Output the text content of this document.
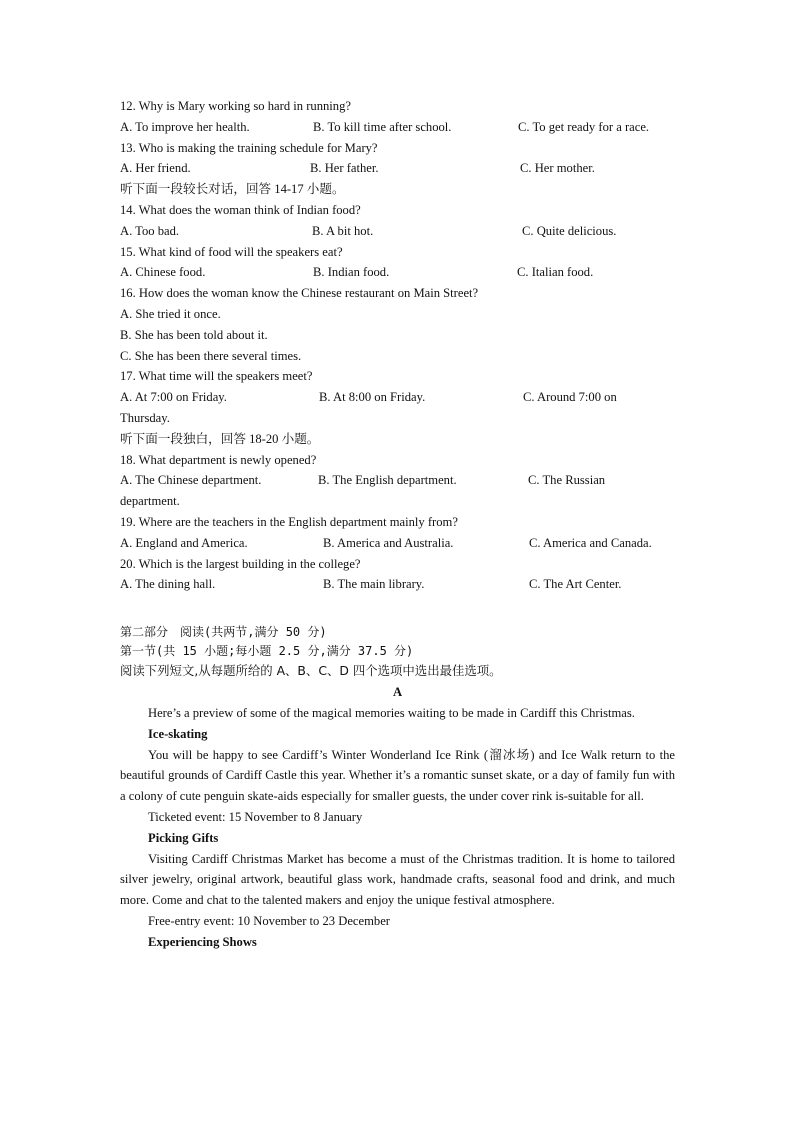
12. Why is Mary working so hard in running?
A. To improve her health.	B. To kill time after school.	C. To get ready for a race.
13. Who is making the training schedule for Mary?
A. Her friend.	B. Her father.	C. Her mother.
听下面一段较长对话，回答 14-17 小题。
14. What does the woman think of Indian food?
A. Too bad.	B. A bit hot.	C. Quite delicious.
15. What kind of food will the speakers eat?
A. Chinese food.	B. Indian food.	C. Italian food.
16. How does the woman know the Chinese restaurant on Main Street?
A. She tried it once.
B. She has been told about it.
C. She has been there several times.
17. What time will the speakers meet?
A. At 7:00 on Friday.	B. At 8:00 on Friday.	C. Around 7:00 on
Thursday.
听下面一段独白，回答 18-20 小题。
18. What department is newly opened?
A. The Chinese department.	B. The English department.	C. The Russian
department.
19. Where are the teachers in the English department mainly from?
A. England and America.	B. America and Australia.	C. America and Canada.
20. Which is the largest building in the college?
A. The dining hall.	B. The main library.	C. The Art Center.
第二部分 阅读(共两节,满分 50 分)
第一节(共 15 小题;每小题 2.5 分,满分 37.5 分)
阅读下列短文,从每题所给的 A、B、C、D 四个选项中选出最佳选项。
A

Here’s a preview of some of the magical memories waiting to be made in Cardiff this Christmas.

Ice-skating

You will be happy to see Cardiff’s Winter Wonderland Ice Rink (溜冰场) and Ice Walk return to the beautiful grounds of Cardiff Castle this year. Whether it’s a romantic sunset skate, or a day of family fun with a colony of cute penguin skate-aids especially for smaller guests, the under cover rink is-suitable for all.

Ticketed event: 15 November to 8 January
Picking Gifts

Visiting Cardiff Christmas Market has become a must of the Christmas tradition. It is home to tailored silver jewelry, original artwork, beautiful glass work, handmade crafts, seasonal food and drink, and much more. Come and chat to the talented makers and enjoy the unique festival atmosphere.

Free-entry event: 10 November to 23 December
Experiencing Shows
